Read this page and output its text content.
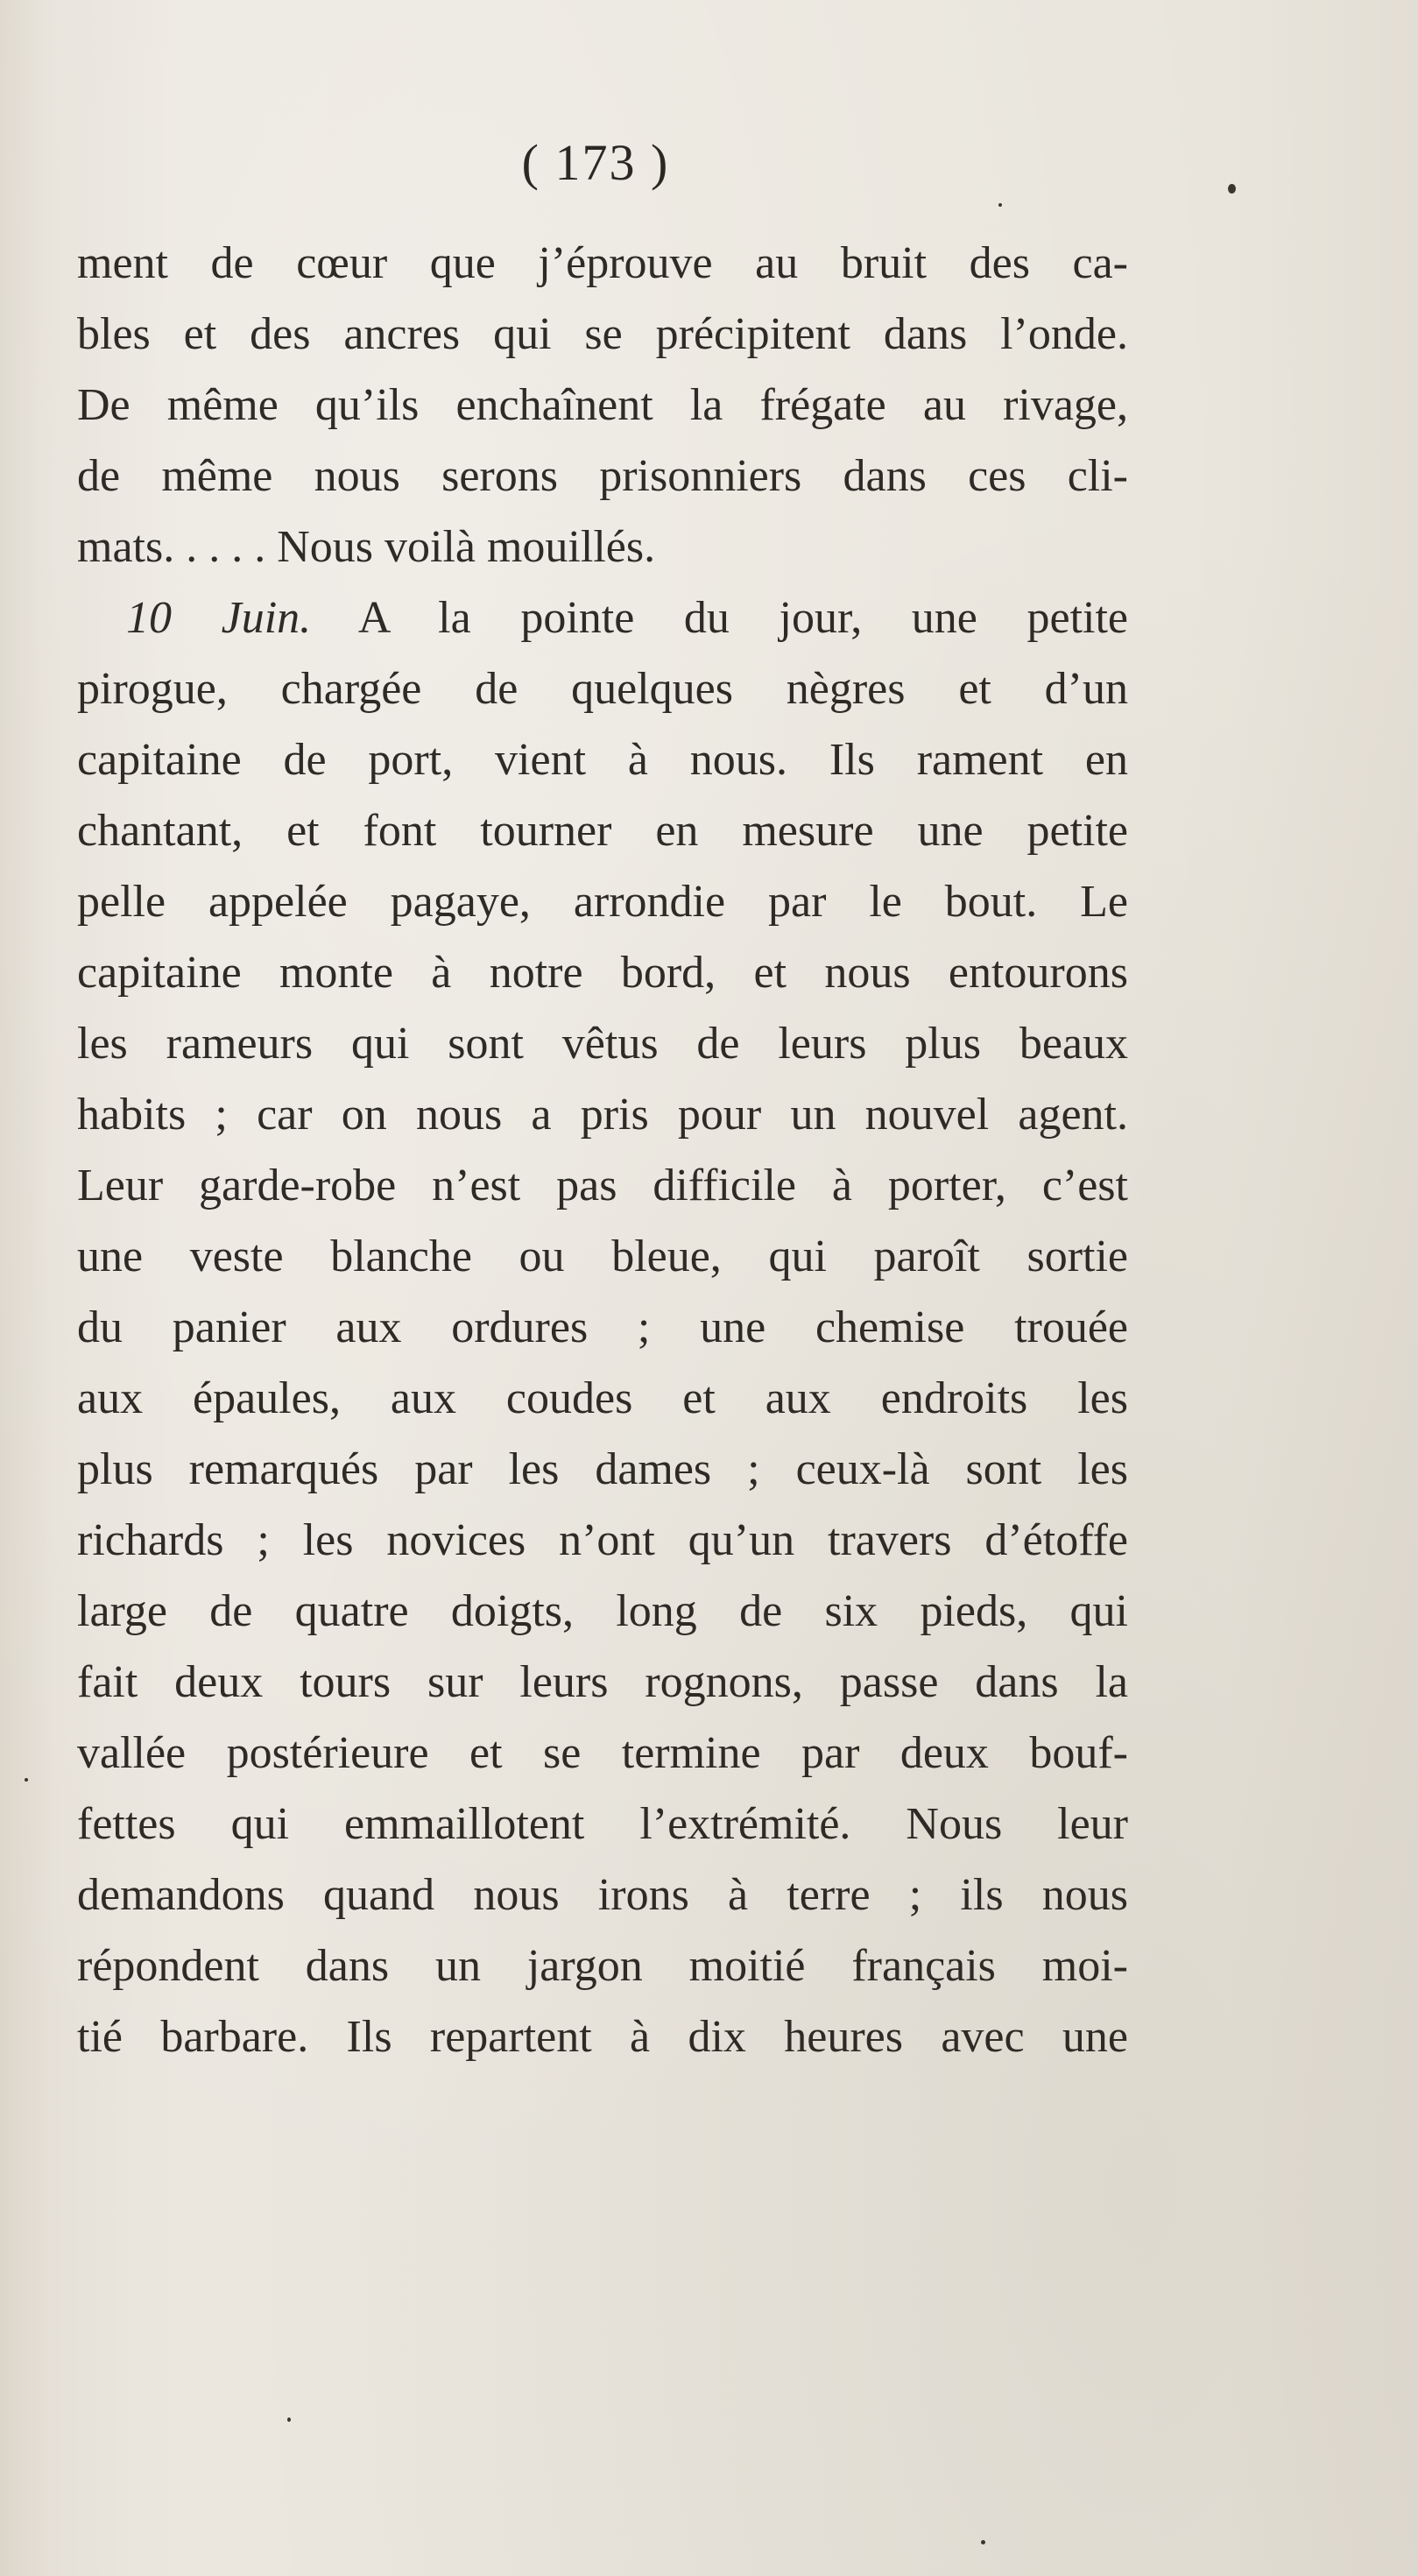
( 173 )
ment de cœur que j’éprouve au bruit des ca-
bles et des ancres qui se précipitent dans l’onde.
De même qu’ils enchaînent la frégate au rivage,
de même nous serons prisonniers dans ces cli-
mats. . . . . Nous voilà mouillés.
10 Juin. A la pointe du jour, une petite
pirogue, chargée de quelques nègres et d’un
capitaine de port, vient à nous. Ils rament en
chantant, et font tourner en mesure une petite
pelle appelée pagaye, arrondie par le bout. Le
capitaine monte à notre bord, et nous entourons
les rameurs qui sont vêtus de leurs plus beaux
habits ; car on nous a pris pour un nouvel agent.
Leur garde-robe n’est pas difficile à porter, c’est
une veste blanche ou bleue, qui paroît sortie
du panier aux ordures ; une chemise trouée
aux épaules, aux coudes et aux endroits les
plus remarqués par les dames ; ceux-là sont les
richards ; les novices n’ont qu’un travers d’étoffe
large de quatre doigts, long de six pieds, qui
fait deux tours sur leurs rognons, passe dans la
vallée postérieure et se termine par deux bouf-
fettes qui emmaillotent l’extrémité. Nous leur
demandons quand nous irons à terre ; ils nous
répondent dans un jargon moitié français moi-
tié barbare. Ils repartent à dix heures avec une
